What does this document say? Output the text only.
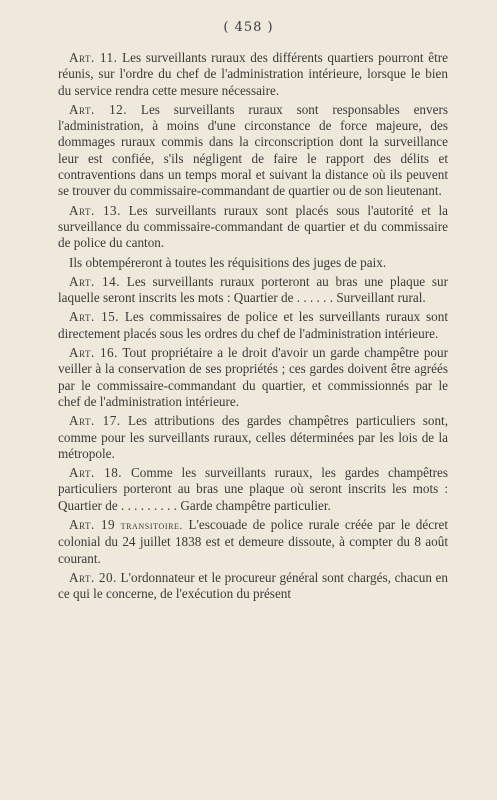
( 458 )

Art. 11. Les surveillants ruraux des différents quartiers pourront être réunis, sur l'ordre du chef de l'administration intérieure, lorsque le bien du service rendra cette mesure nécessaire.

Art. 12. Les surveillants ruraux sont responsables envers l'administration, à moins d'une circonstance de force majeure, des dommages ruraux commis dans la circonscription dont la surveillance leur est confiée, s'ils négligent de faire le rapport des délits et contraventions dans un temps moral et suivant la distance où ils peuvent se trouver du commissaire-commandant de quartier ou de son lieutenant.

Art. 13. Les surveillants ruraux sont placés sous l'autorité et la surveillance du commissaire-commandant de quartier et du commissaire de police du canton.

Ils obtempéreront à toutes les réquisitions des juges de paix.

Art. 14. Les surveillants ruraux porteront au bras une plaque sur laquelle seront inscrits les mots : Quartier de . . . . . . Surveillant rural.

Art. 15. Les commissaires de police et les surveillants ruraux sont directement placés sous les ordres du chef de l'administration intérieure.

Art. 16. Tout propriétaire a le droit d'avoir un garde champêtre pour veiller à la conservation de ses propriétés ; ces gardes doivent être agréés par le commissaire-commandant du quartier, et commissionnés par le chef de l'administration intérieure.

Art. 17. Les attributions des gardes champêtres particuliers sont, comme pour les surveillants ruraux, celles déterminées par les lois de la métropole.

Art. 18. Comme les surveillants ruraux, les gardes champêtres particuliers porteront au bras une plaque où seront inscrits les mots : Quartier de . . . . . . . . . Garde champêtre particulier.

Art. 19 transitoire. L'escouade de police rurale créée par le décret colonial du 24 juillet 1838 est et demeure dissoute, à compter du 8 août courant.

Art. 20. L'ordonnateur et le procureur général sont chargés, chacun en ce qui le concerne, de l'exécution du présent
